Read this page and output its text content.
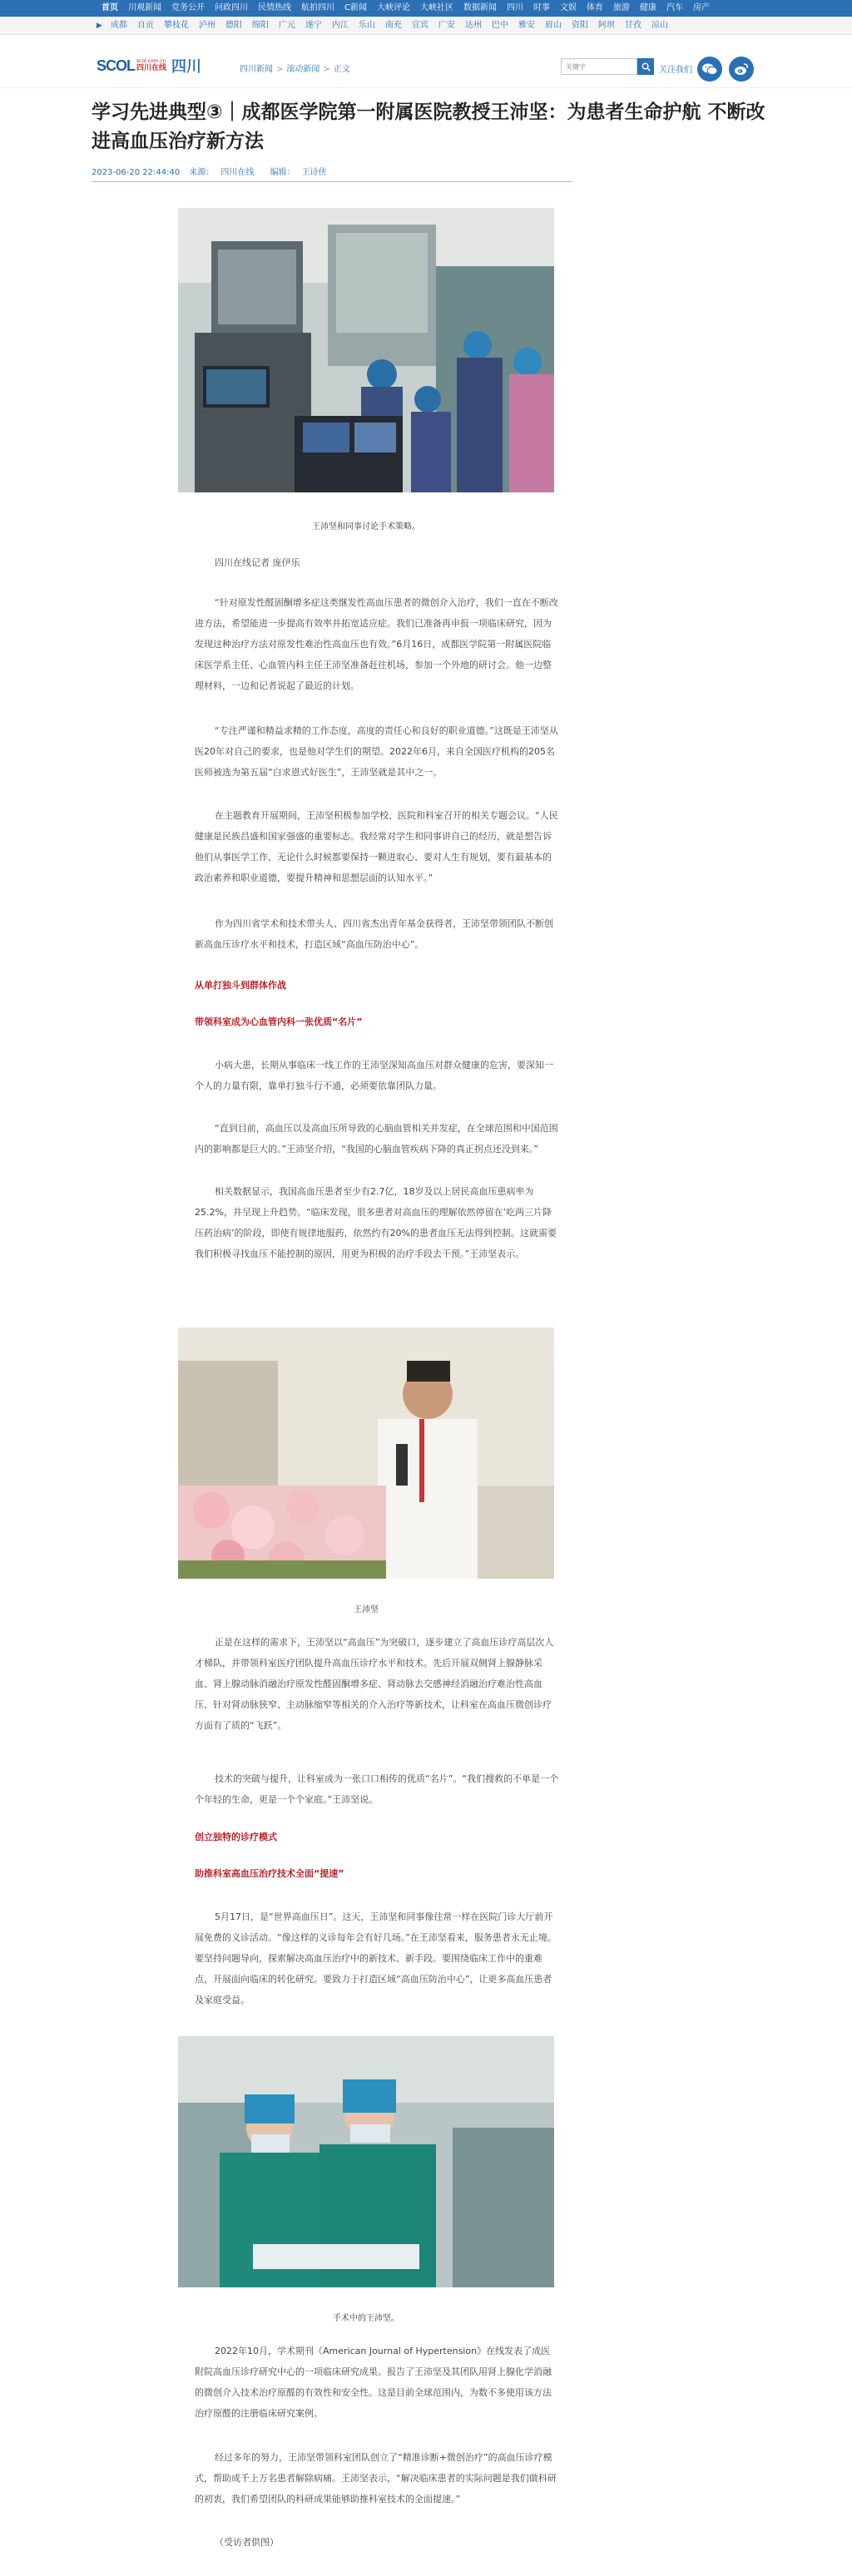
首页	川观新闻	党务公开	问政四川	民情热线	航拍四川	C新闻	大峡评论	大峡社区	数据新闻	四川	时事	文娱	体育	旅游	健康	汽车	房产
▶	成都	自贡	攀枝花	泸州	德阳	绵阳	广元	遂宁	内江	乐山	南充	宜宾	广安	达州	巴中	雅安	眉山	资阳	阿坝	甘孜	凉山
SCOL scol.com.cn
四川在线 四川	四川新闻 > 滚动新闻 > 正文
关键字	关注我们
学习先进典型③｜成都医学院第一附属医院教授王沛坚：为患者生命护航 不断改进高血压治疗新方法
2023-06-20 22:44:40 来源： 四川在线 编辑： 王诗侠
王沛坚和同事讨论手术策略。

四川在线记者 庞伊乐

“针对原发性醛固酮增多症这类继发性高血压患者的微创介入治疗，我们一直在不断改进方法，希望能进一步提高有效率并拓宽适应症。我们已准备再申报一项临床研究，因为发现这种治疗方法对原发性难治性高血压也有效。”6月16日，成都医学院第一附属医院临床医学系主任、心血管内科主任王沛坚准备赶往机场，参加一个外地的研讨会。他一边整理材料，一边和记者说起了最近的计划。

“专注严谨和精益求精的工作态度，高度的责任心和良好的职业道德。”这既是王沛坚从医20年对自己的要求，也是他对学生们的期望。2022年6月，来自全国医疗机构的205名医师被选为第五届“白求恩式好医生”，王沛坚就是其中之一。

在主题教育开展期间，王沛坚积极参加学校、医院和科室召开的相关专题会议。“人民健康是民族昌盛和国家强盛的重要标志。我经常对学生和同事讲自己的经历，就是想告诉他们从事医学工作，无论什么时候都要保持一颗进取心、要对人生有规划，要有最基本的政治素养和职业道德，要提升精神和思想层面的认知水平。”

作为四川省学术和技术带头人、四川省杰出青年基金获得者，王沛坚带领团队不断创新高血压诊疗水平和技术，打造区域“高血压防治中心”。

从单打独斗到群体作战

带领科室成为心血管内科一张优质“名片”

小病大患，长期从事临床一线工作的王沛坚深知高血压对群众健康的危害，要深知一个人的力量有限，靠单打独斗行不通，必须要依靠团队力量。

“直到目前，高血压以及高血压所导致的心脑血管相关并发症，在全球范围和中国范围内的影响都是巨大的。”王沛坚介绍，“我国的心脑血管疾病下降的真正拐点还没到来。”

相关数据显示，我国高血压患者至少有2.7亿，18岁及以上居民高血压患病率为25.2%，并呈现上升趋势。“临床发现，很多患者对高血压的理解依然停留在‘吃两三片降压药治病’的阶段，即使有规律地服药，依然约有20%的患者血压无法得到控制。这就需要我们积极寻找血压不能控制的原因，用更为积极的治疗手段去干预。”王沛坚表示。

王沛坚

正是在这样的需求下，王沛坚以“高血压”为突破口，逐步建立了高血压诊疗高层次人才梯队，并带领科室医疗团队提升高血压诊疗水平和技术。先后开展双侧肾上腺静脉采血、肾上腺动脉消融治疗原发性醛固酮增多症、肾动脉去交感神经消融治疗难治性高血压、针对肾动脉狭窄、主动脉缩窄等相关的介入治疗等新技术，让科室在高血压微创诊疗方面有了质的“飞跃”。

技术的突破与提升，让科室成为一张口口相传的优质“名片”。“我们搜救的不单是一个个年轻的生命，更是一个个家庭。”王沛坚说。

创立独特的诊疗模式

助推科室高血压治疗技术全面“提速”

5月17日，是“世界高血压日”。这天，王沛坚和同事像往常一样在医院门诊大厅前开展免费的义诊活动。“像这样的义诊每年会有好几场。”在王沛坚看来，服务患者永无止境。要坚持问题导向，探索解决高血压治疗中的新技术、新手段。要围绕临床工作中的重难点，开展面向临床的转化研究。要致力于打造区域“高血压防治中心”，让更多高血压患者及家庭受益。

手术中的王沛坚。

2022年10月，学术期刊《American Journal of Hypertension》在线发表了成医附院高血压诊疗研究中心的一项临床研究成果。报告了王沛坚及其团队用肾上腺化学消融的微创介入技术治疗原醛的有效性和安全性。这是目前全球范围内，为数不多使用该方法治疗原醛的注册临床研究案例。

经过多年的努力，王沛坚带领科室团队创立了“精准诊断+微创治疗”的高血压诊疗模式，帮助成千上万名患者解除病痛。王沛坚表示，“解决临床患者的实际问题是我们做科研的初衷，我们希望团队的科研成果能够助推科室技术的全面提速。”

（受访者供图）
